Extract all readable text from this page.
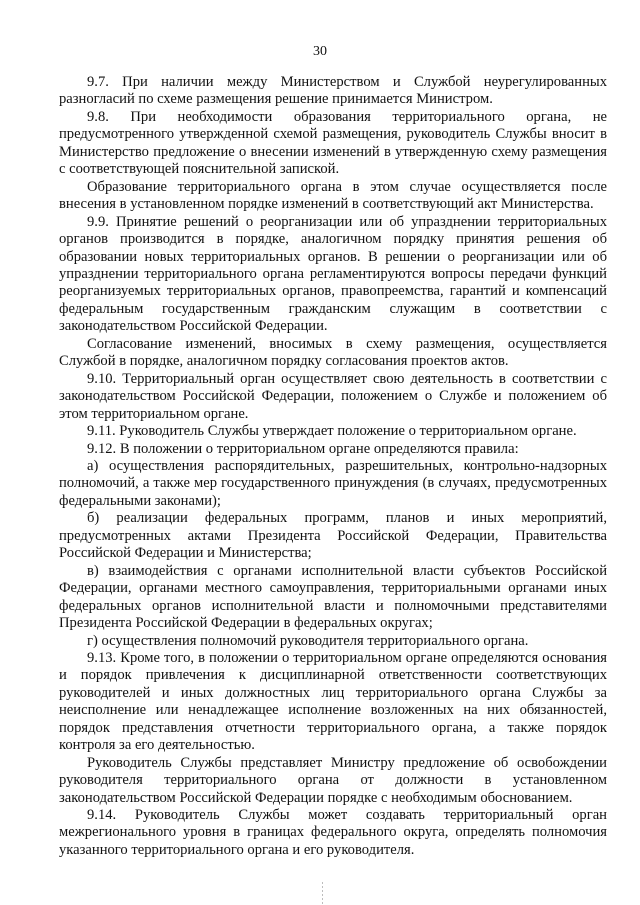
30

9.7. При наличии между Министерством и Службой неурегулированных разногласий по схеме размещения решение принимается Министром.

9.8. При необходимости образования территориального органа, не предусмотренного утвержденной схемой размещения, руководитель Службы вносит в Министерство предложение о внесении изменений в утвержденную схему размещения с соответствующей пояснительной запиской.

Образование территориального органа в этом случае осуществляется после внесения в установленном порядке изменений в соответствующий акт Министерства.

9.9. Принятие решений о реорганизации или об упразднении территориальных органов производится в порядке, аналогичном порядку принятия решения об образовании новых территориальных органов. В решении о реорганизации или об упразднении территориального органа регламентируются вопросы передачи функций реорганизуемых территориальных органов, правопреемства, гарантий и компенсаций федеральным государственным гражданским служащим в соответствии с законодательством Российской Федерации.

Согласование изменений, вносимых в схему размещения, осуществляется Службой в порядке, аналогичном порядку согласования проектов актов.

9.10. Территориальный орган осуществляет свою деятельность в соответствии с законодательством Российской Федерации, положением о Службе и положением об этом территориальном органе.

9.11. Руководитель Службы утверждает положение о территориальном органе.

9.12. В положении о территориальном органе определяются правила:

а) осуществления распорядительных, разрешительных, контрольно-надзорных полномочий, а также мер государственного принуждения (в случаях, предусмотренных федеральными законами);

б) реализации федеральных программ, планов и иных мероприятий, предусмотренных актами Президента Российской Федерации, Правительства Российской Федерации и Министерства;

в) взаимодействия с органами исполнительной власти субъектов Российской Федерации, органами местного самоуправления, территориальными органами иных федеральных органов исполнительной власти и полномочными представителями Президента Российской Федерации в федеральных округах;

г) осуществления полномочий руководителя территориального органа.

9.13. Кроме того, в положении о территориальном органе определяются основания и порядок привлечения к дисциплинарной ответственности соответствующих руководителей и иных должностных лиц территориального органа Службы за неисполнение или ненадлежащее исполнение возложенных на них обязанностей, порядок представления отчетности территориального органа, а также порядок контроля за его деятельностью.

Руководитель Службы представляет Министру предложение об освобождении руководителя территориального органа от должности в установленном законодательством Российской Федерации порядке с необходимым обоснованием.

9.14. Руководитель Службы может создавать территориальный орган межрегионального уровня в границах федерального округа, определять полномочия указанного территориального органа и его руководителя.
